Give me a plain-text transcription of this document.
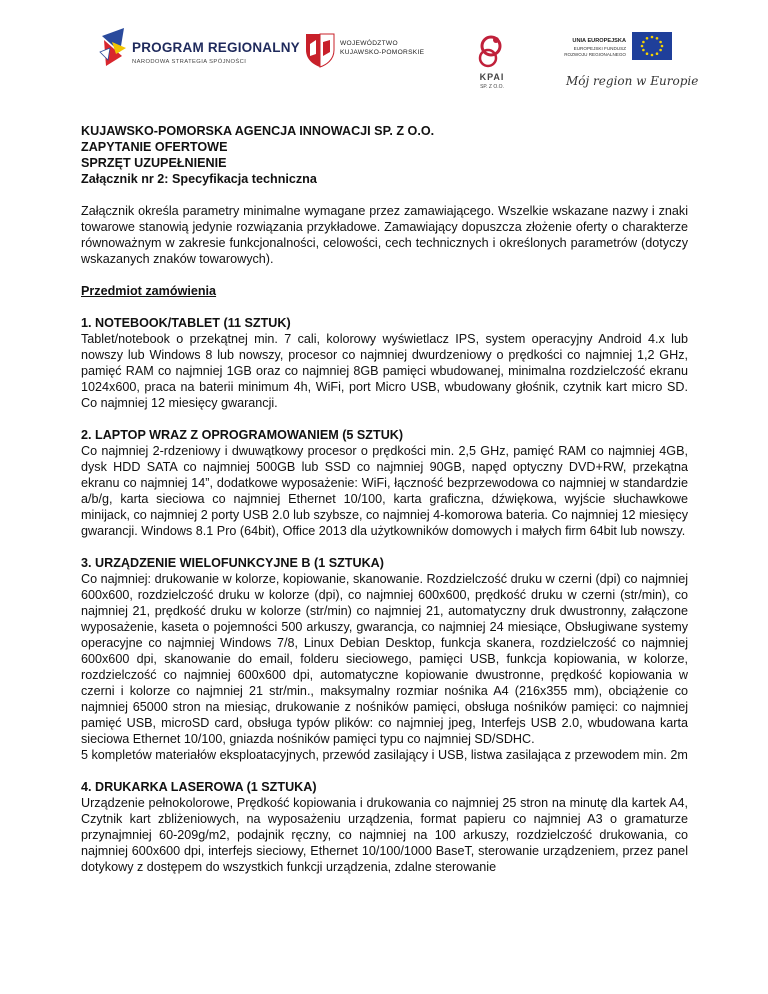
PROGRAM REGIONALNY
NARODOWA STRATEGIA SPÓJNOŚCI
WOJEWÓDZTWO
KUJAWSKO-POMORSKIE
KPAI
SP. Z O.O.
UNIA EUROPEJSKA
EUROPEJSKI FUNDUSZ
ROZWOJU REGIONALNEGO
Mój region w Europie
KUJAWSKO-POMORSKA AGENCJA INNOWACJI SP. Z O.O.
ZAPYTANIE OFERTOWE
SPRZĘT UZUPEŁNIENIE
Załącznik nr 2: Specyfikacja techniczna

Załącznik określa parametry minimalne wymagane przez zamawiającego. Wszelkie wskazane nazwy i znaki towarowe stanowią jedynie rozwiązania przykładowe. Zamawiający dopuszcza złożenie oferty o charakterze równoważnym w zakresie funkcjonalności, celowości, cech technicznych i określonych parametrów (dotyczy wskazanych znaków towarowych).

Przedmiot zamówienia
1. NOTEBOOK/TABLET (11 SZTUK)

Tablet/notebook o przekątnej min. 7 cali, kolorowy wyświetlacz IPS, system operacyjny Android 4.x lub nowszy lub Windows 8 lub nowszy, procesor co najmniej dwurdzeniowy o prędkości co najmniej 1,2 GHz, pamięć RAM co najmniej 1GB oraz co najmniej 8GB pamięci wbudowanej, minimalna rozdzielczość ekranu 1024x600, praca na baterii minimum 4h, WiFi, port Micro USB, wbudowany głośnik, czytnik kart micro SD. Co najmniej 12 miesięcy gwarancji.

2. LAPTOP WRAZ Z OPROGRAMOWANIEM (5 SZTUK)

Co najmniej 2-rdzeniowy i dwuwątkowy procesor o prędkości min. 2,5 GHz, pamięć RAM co najmniej 4GB, dysk HDD SATA co najmniej 500GB lub SSD co najmniej 90GB, napęd optyczny DVD+RW, przekątna ekranu co najmniej 14”, dodatkowe wyposażenie: WiFi, łączność bezprzewodowa co najmniej w standardzie a/b/g, karta sieciowa co najmniej Ethernet 10/100, karta graficzna, dźwiękowa, wyjście słuchawkowe minijack, co najmniej 2 porty USB 2.0 lub szybsze, co najmniej 4-komorowa bateria. Co najmniej 12 miesięcy gwarancji. Windows 8.1 Pro (64bit), Office 2013 dla użytkowników domowych i małych firm 64bit lub nowszy.

3. URZĄDZENIE WIELOFUNKCYJNE B (1 SZTUKA)

Co najmniej: drukowanie w kolorze, kopiowanie, skanowanie. Rozdzielczość druku w czerni (dpi) co najmniej 600x600, rozdzielczość druku w kolorze (dpi), co najmniej 600x600, prędkość druku w czerni (str/min), co najmniej 21, prędkość druku w kolorze (str/min) co najmniej 21, automatyczny druk dwustronny, załączone wyposażenie, kaseta o pojemności 500 arkuszy, gwarancja, co najmniej 24 miesiące, Obsługiwane systemy operacyjne co najmniej Windows 7/8, Linux Debian Desktop, funkcja skanera, rozdzielczość co najmniej 600x600 dpi, skanowanie do email, folderu sieciowego, pamięci USB, funkcja kopiowania, w kolorze, rozdzielczość co najmniej 600x600 dpi, automatyczne kopiowanie dwustronne, prędkość kopiowania w czerni i kolorze co najmniej 21 str/min., maksymalny rozmiar nośnika A4 (216x355 mm), obciążenie co najmniej 65000 stron na miesiąc, drukowanie z nośników pamięci, obsługa nośników pamięci: co najmniej pamięć USB, microSD card, obsługa typów plików: co najmniej jpeg, Interfejs USB 2.0, wbudowana karta sieciowa Ethernet 10/100, gniazda nośników pamięci typu co najmniej SD/SDHC.

5 kompletów materiałów eksploatacyjnych, przewód zasilający i USB, listwa zasilająca z przewodem min. 2m

4. DRUKARKA LASEROWA (1 SZTUKA)

Urządzenie pełnokolorowe, Prędkość kopiowania i drukowania co najmniej 25 stron na minutę dla kartek A4, Czytnik kart zbliżeniowych, na wyposażeniu urządzenia, format papieru co najmniej A3 o gramaturze przynajmniej 60-209g/m2, podajnik ręczny, co najmniej na 100 arkuszy, rozdzielczość drukowania, co najmniej 600x600 dpi, interfejs sieciowy, Ethernet 10/100/1000 BaseT, sterowanie urządzeniem, przez panel dotykowy z dostępem do wszystkich funkcji urządzenia, zdalne sterowanie
